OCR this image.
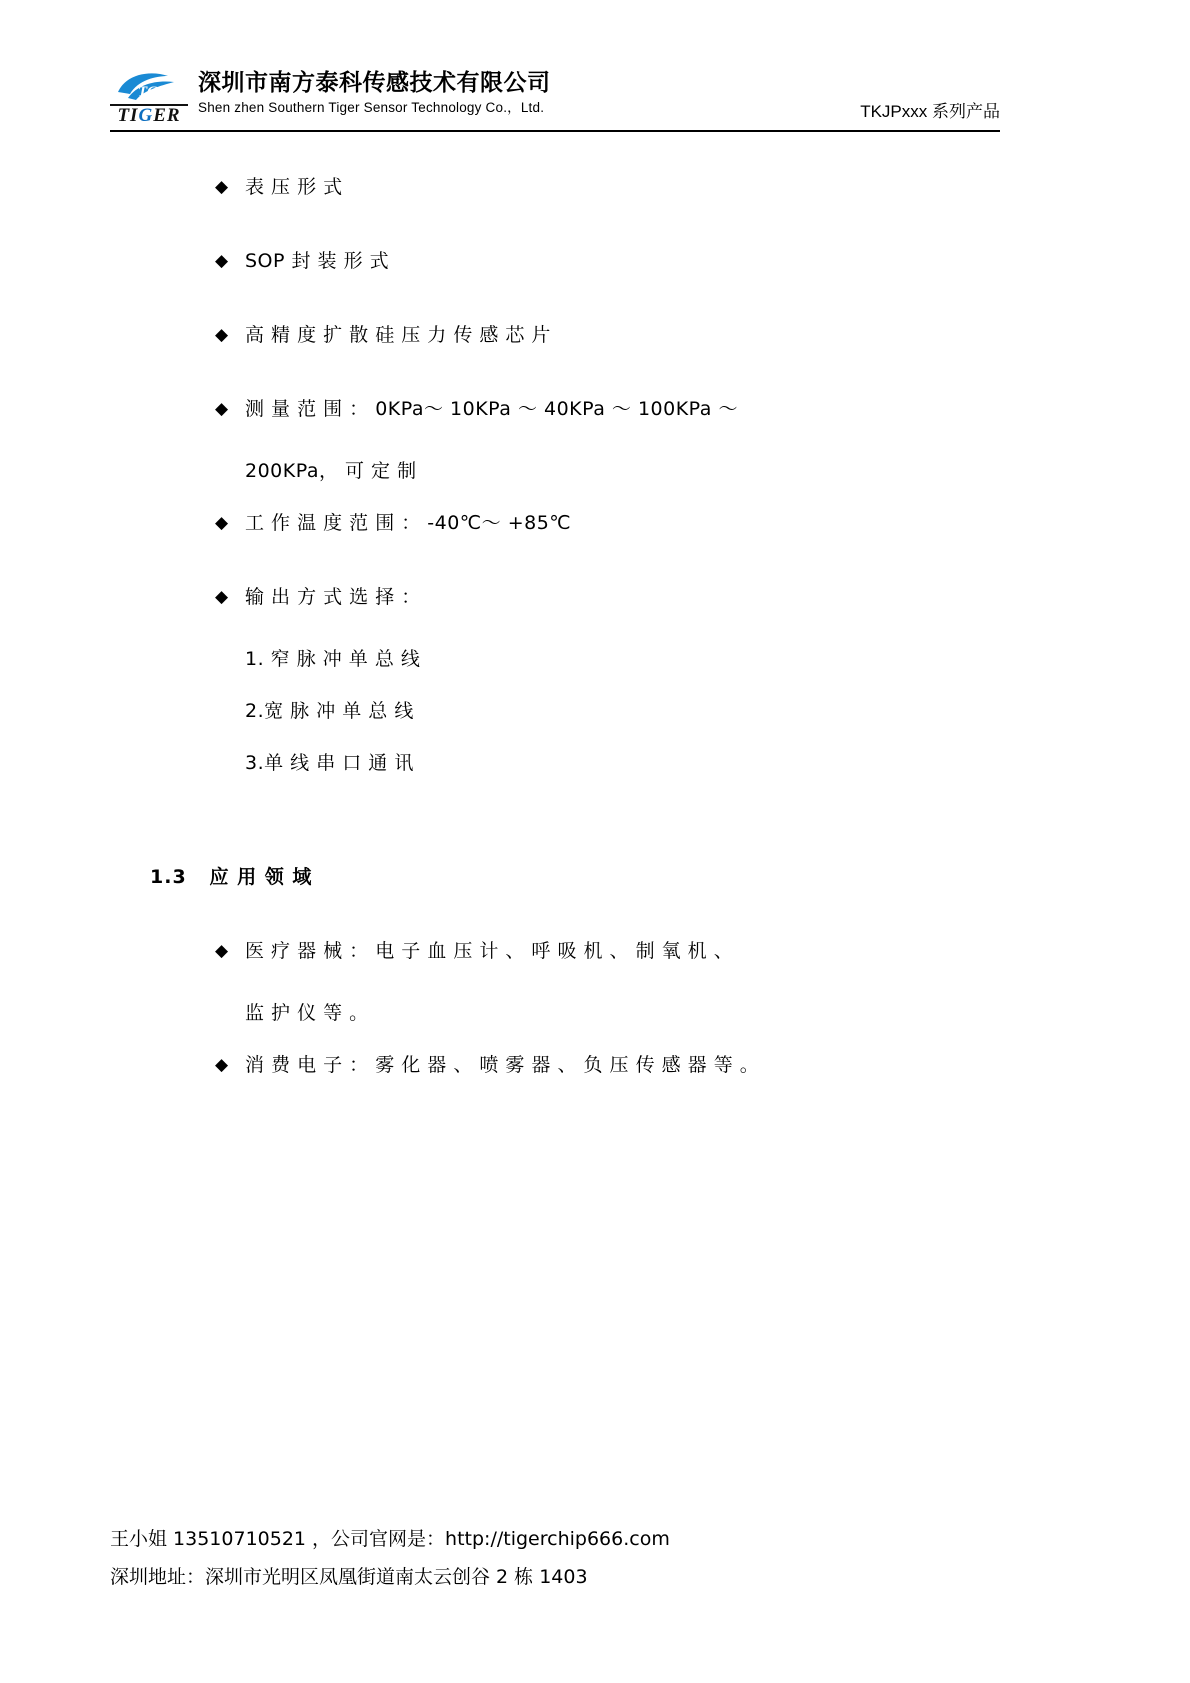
TG
TIGER
深圳市南方泰科传感技术有限公司
Shen zhen Southern Tiger Sensor Technology Co.，Ltd.	TKJPxxx 系列产品
◆ 表 压 形 式
◆ SOP 封 装 形 式
◆ 高 精 度 扩 散 硅 压 力 传 感 芯 片
◆ 测 量 范 围 ： 0KPa～ 10KPa ～ 40KPa ～ 100KPa ～
200KPa， 可 定 制
◆ 工 作 温 度 范 围 ： -40℃～ +85℃
◆ 输 出 方 式 选 择 ：
1. 窄 脉 冲 单 总 线
2.宽 脉 冲 单 总 线
3.单 线 串 口 通 讯
1.3 应 用 领 域
◆ 医 疗 器 械 ： 电 子 血 压 计 、 呼 吸 机 、 制 氧 机 、
监 护 仪 等 。
◆ 消 费 电 子 ： 雾 化 器 、 喷 雾 器 、 负 压 传 感 器 等 。
王小姐 13510710521 ，公司官网是：http://tigerchip666.com
深圳地址：深圳市光明区凤凰街道南太云创谷 2 栋 1403
